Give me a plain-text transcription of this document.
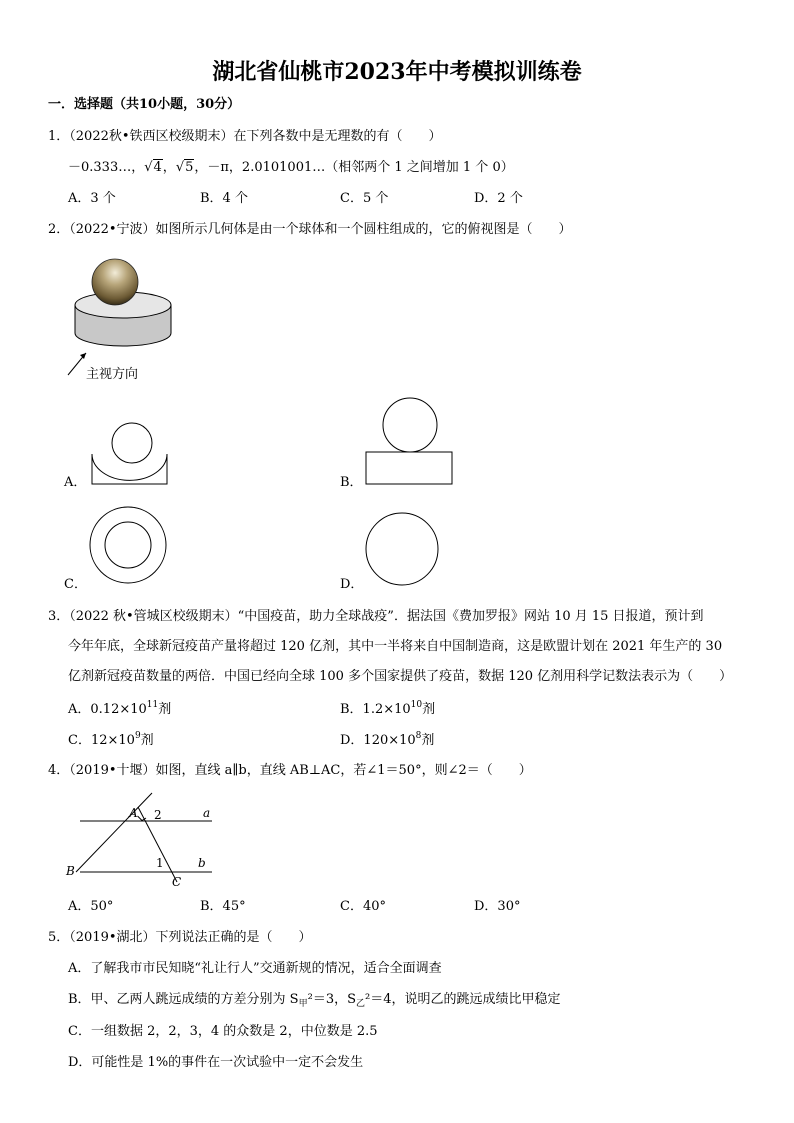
湖北省仙桃市2023年中考模拟训练卷
一．选择题（共10小题，30分）
1．（2022秋•铁西区校级期末）在下列各数中是无理数的有（　　）
－0.333…，√4，√5，－π，2.0101001…（相邻两个 1 之间增加 1 个 0）
A．3 个	B．4 个	C．5 个	D．2 个
2．（2022•宁波）如图所示几何体是由一个球体和一个圆柱组成的，它的俯视图是（　　）
主视方向
A．	B．
C．	D．
3．（2022 秋•管城区校级期末）“中国疫苗，助力全球战疫”．据法国《费加罗报》网站 10 月 15 日报道，预计到
今年年底，全球新冠疫苗产量将超过 120 亿剂，其中一半将来自中国制造商，这是欧盟计划在 2021 年生产的 30
亿剂新冠疫苗数量的两倍．中国已经向全球 100 多个国家提供了疫苗，数据 120 亿剂用科学记数法表示为（　　）
A．$0.12\times 10^{11}$剂	B．$1.2\times 10^{10}$剂
C．$12\times 10^9$剂	D．$120\times 10^8$剂
4．（2019•十堰）如图，直线 a∥b，直线 AB⊥AC，若∠1＝50°，则∠2＝（　　）
A
B
C
a
b
1
2
A．50°	B．45°	C．40°	D．30°
5．（2019•湖北）下列说法正确的是（　　）
A．了解我市市民知晓“礼让行人”交通新规的情况，适合全面调查
B．甲、乙两人跳远成绩的方差分别为 $S_甲^2=3$，$S_乙^2=4$，说明乙的跳远成绩比甲稳定
C．一组数据 2，2，3，4 的众数是 2，中位数是 2.5
D．可能性是 1%的事件在一次试验中一定不会发生
